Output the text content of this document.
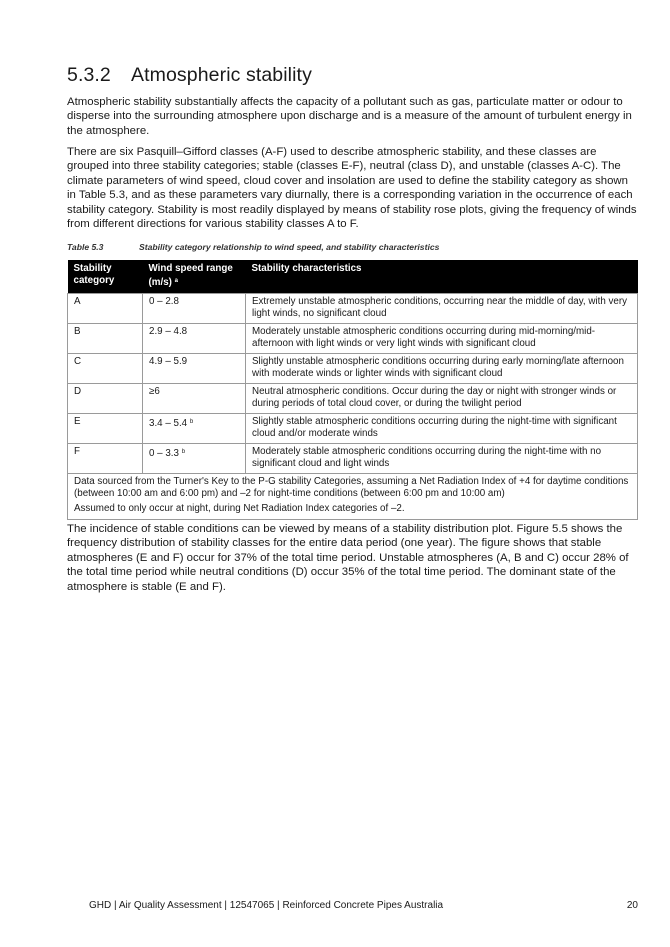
5.3.2 Atmospheric stability

Atmospheric stability substantially affects the capacity of a pollutant such as gas, particulate matter or odour to disperse into the surrounding atmosphere upon discharge and is a measure of the amount of turbulent energy in the atmosphere.

There are six Pasquill–Gifford classes (A-F) used to describe atmospheric stability, and these classes are grouped into three stability categories; stable (classes E-F), neutral (class D), and unstable (classes A-C). The climate parameters of wind speed, cloud cover and insolation are used to define the stability category as shown in Table 5.3, and as these parameters vary diurnally, there is a corresponding variation in the occurrence of each stability category. Stability is most readily displayed by means of stability rose plots, giving the frequency of winds from different directions for various stability classes A to F.

Table 5.3	Stability category relationship to wind speed, and stability characteristics
Stability category	Wind speed range (m/s) $^a$	Stability characteristics
A	0 – 2.8	Extremely unstable atmospheric conditions, occurring near the middle of day, with very light winds, no significant cloud
B	2.9 – 4.8	Moderately unstable atmospheric conditions occurring during mid-morning/mid-afternoon with light winds or very light winds with significant cloud
C	4.9 – 5.9	Slightly unstable atmospheric conditions occurring during early morning/late afternoon with moderate winds or lighter winds with significant cloud
D	≥6	Neutral atmospheric conditions. Occur during the day or night with stronger winds or during periods of total cloud cover, or during the twilight period
E	3.4 – 5.4 $^b$	Slightly stable atmospheric conditions occurring during the night-time with significant cloud and/or moderate winds
F	0 – 3.3 $^b$	Moderately stable atmospheric conditions occurring during the night-time with no significant cloud and light winds

Data sourced from the Turner's Key to the P-G stability Categories, assuming a Net Radiation Index of +4 for daytime conditions (between 10:00 am and 6:00 pm) and –2 for night-time conditions (between 6:00 pm and 10:00 am)
Assumed to only occur at night, during Net Radiation Index categories of –2.		

The incidence of stable conditions can be viewed by means of a stability distribution plot. Figure 5.5 shows the frequency distribution of stability classes for the entire data period (one year). The figure shows that stable atmospheres (E and F) occur for 37% of the total time period. Unstable atmospheres (A, B and C) occur 28% of the total time period while neutral conditions (D) occur 35% of the total time period. The dominant state of the atmosphere is stable (E and F).

GHD | Air Quality Assessment | 12547065 | Reinforced Concrete Pipes Australia	20
